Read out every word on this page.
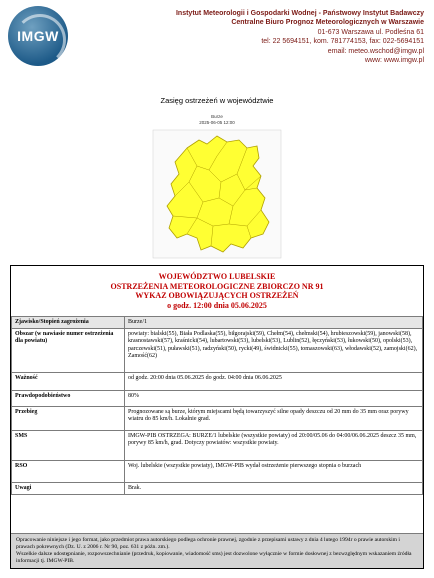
IMGW
Instytut Meteorologii i Gospodarki Wodnej - Państwowy Instytut Badawczy
Centralne Biuro Prognoz Meteorologicznych w Warszawie
01-673 Warszawa ul. Podleśna 61
tel: 22 5694151, kom. 781774153, fax: 022-5694151
email: meteo.wschod@imgw.pl
www: www.imgw.pl
Zasięg ostrzeżeń w województwie
Burze
2025-06-05 12:00
WOJEWÓDZTWO LUBELSKIE
OSTRZEŻENIA METEOROLOGICZNE ZBIORCZO NR 91
WYKAZ OBOWIĄZUJĄCYCH OSTRZEŻEŃ
o godz. 12:00 dnia 05.06.2025
Zjawisko/Stopień zagrożenia	Burze/1
Obszar (w nawiasie numer ostrzeżenia dla powiatu)	powiaty: bialski(55), Biała Podlaska(55), biłgorajski(59), Chełm(54), chełmski(54), hrubieszowski(59), janowski(58), krasnostawski(57), kraśnicki(54), lubartowski(53), lubelski(53), Lublin(52), łęczyński(53), łukowski(50), opolski(53), parczewski(51), puławski(51), radzyński(50), rycki(49), świdnicki(55), tomaszowski(63), włodawski(52), zamojski(62), Zamość(62)
Ważność	od godz. 20:00 dnia 05.06.2025 do godz. 04:00 dnia 06.06.2025
Prawdopodobieństwo	80%
Przebieg	Prognozowane są burze, którym miejscami będą towarzyszyć silne opady deszczu od 20 mm do 35 mm oraz porywy wiatru do 85 km/h. Lokalnie grad.
SMS	IMGW-PIB OSTRZEGA: BURZE/1 lubelskie (wszystkie powiaty) od 20:00/05.06 do 04:00/06.06.2025 deszcz 35 mm, porywy 85 km/h, grad. Dotyczy powiatów: wszystkie powiaty.
RSO	Woj. lubelskie (wszystkie powiaty), IMGW-PIB wydał ostrzeżenie pierwszego stopnia o burzach
Uwagi	Brak.
Opracowanie niniejsze i jego format, jako przedmiot prawa autorskiego podlega ochronie prawnej, zgodnie z przepisami ustawy z dnia 4 lutego 1994r o prawie autorskim i prawach pokrewnych (Dz. U. z 2006 r. Nr 90, poz. 631 z późn. zm.).
Wszelkie dalsze udostępnianie, rozpowszechnianie (przedruk, kopiowanie, wiadomość sms) jest dozwolone wyłącznie w formie dosłownej z bezwzględnym wskazaniem źródła informacji tj. IMGW-PIB.
